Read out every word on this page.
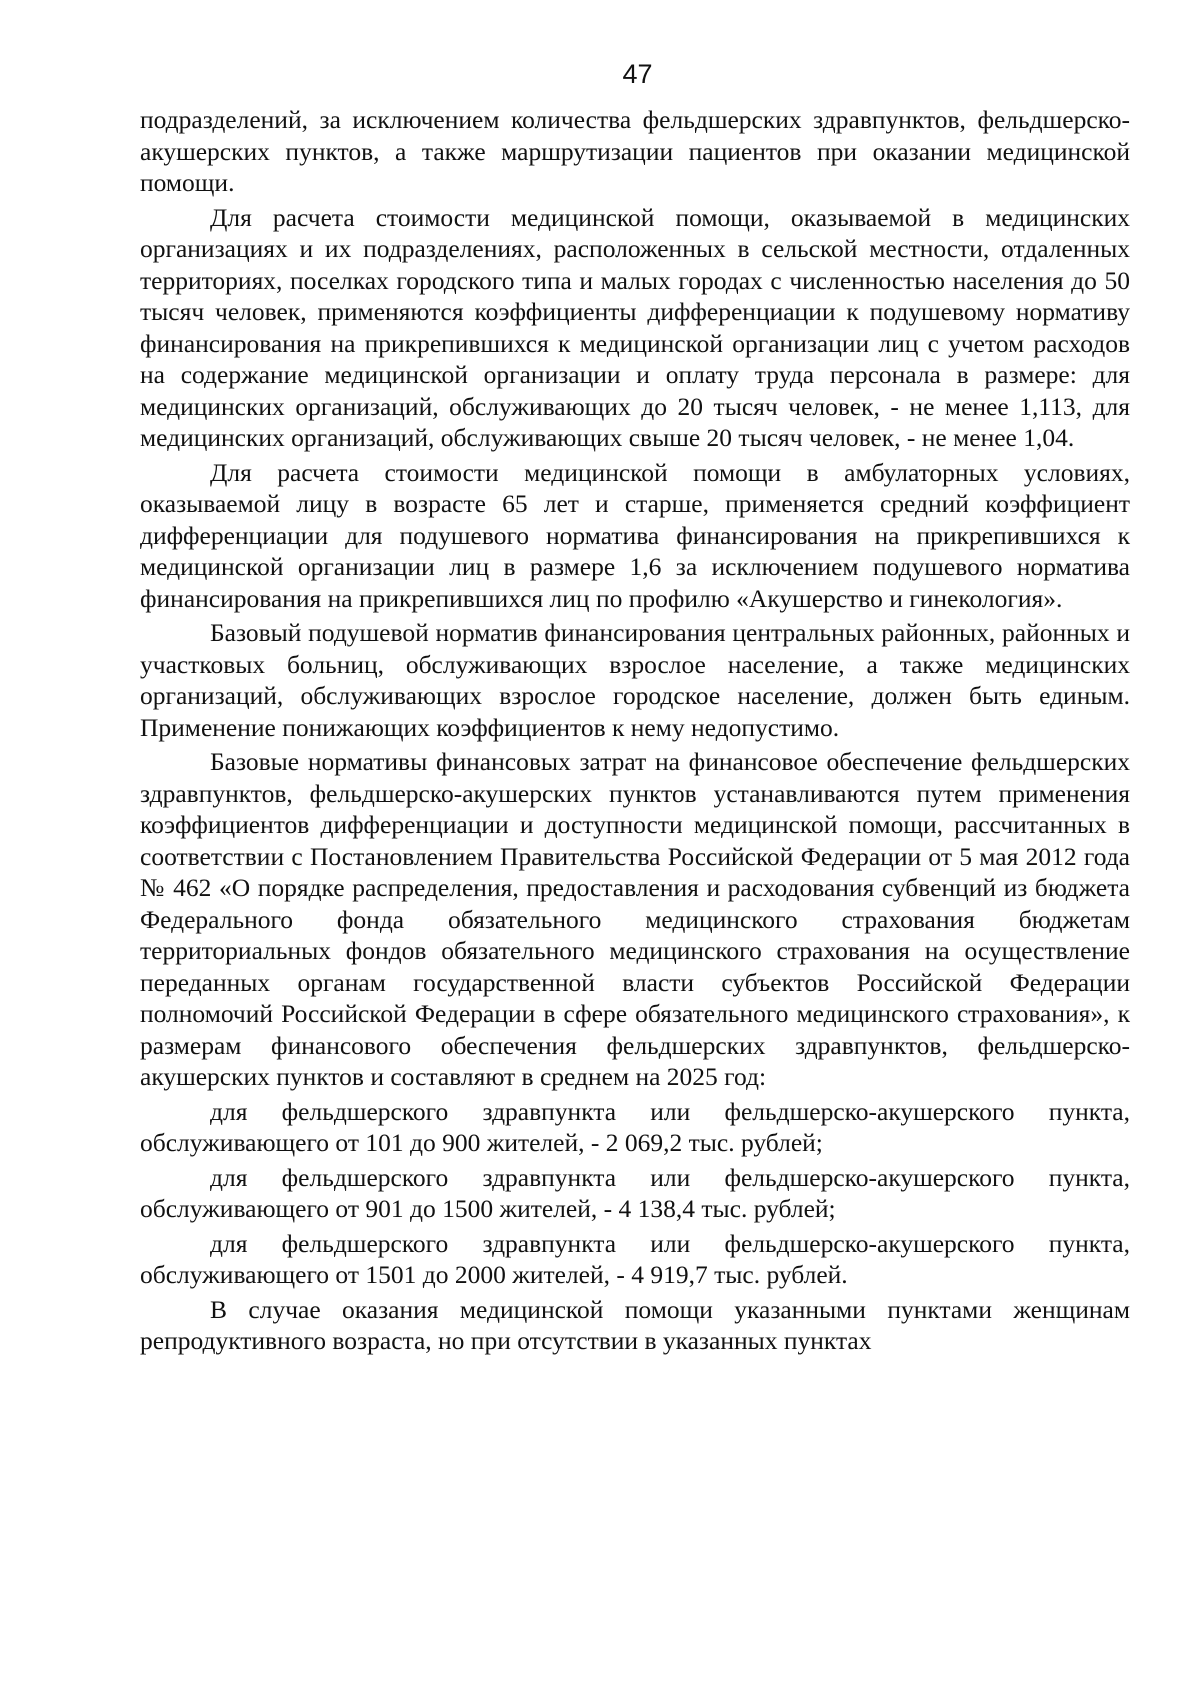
47

подразделений, за исключением количества фельдшерских здравпунктов, фельдшерско-акушерских пунктов, а также маршрутизации пациентов при оказании медицинской помощи.

Для расчета стоимости медицинской помощи, оказываемой в медицинских организациях и их подразделениях, расположенных в сельской местности, отдаленных территориях, поселках городского типа и малых городах с численностью населения до 50 тысяч человек, применяются коэффициенты дифференциации к подушевому нормативу финансирования на прикрепившихся к медицинской организации лиц с учетом расходов на содержание медицинской организации и оплату труда персонала в размере: для медицинских организаций, обслуживающих до 20 тысяч человек, - не менее 1,113, для медицинских организаций, обслуживающих свыше 20 тысяч человек, - не менее 1,04.

Для расчета стоимости медицинской помощи в амбулаторных условиях, оказываемой лицу в возрасте 65 лет и старше, применяется средний коэффициент дифференциации для подушевого норматива финансирования на прикрепившихся к медицинской организации лиц в размере 1,6 за исключением подушевого норматива финансирования на прикрепившихся лиц по профилю «Акушерство и гинекология».

Базовый подушевой норматив финансирования центральных районных, районных и участковых больниц, обслуживающих взрослое население, а также медицинских организаций, обслуживающих взрослое городское население, должен быть единым. Применение понижающих коэффициентов к нему недопустимо.

Базовые нормативы финансовых затрат на финансовое обеспечение фельдшерских здравпунктов, фельдшерско-акушерских пунктов устанавливаются путем применения коэффициентов дифференциации и доступности медицинской помощи, рассчитанных в соответствии с Постановлением Правительства Российской Федерации от 5 мая 2012 года № 462 «О порядке распределения, предоставления и расходования субвенций из бюджета Федерального фонда обязательного медицинского страхования бюджетам территориальных фондов обязательного медицинского страхования на осуществление переданных органам государственной власти субъектов Российской Федерации полномочий Российской Федерации в сфере обязательного медицинского страхования», к размерам финансового обеспечения фельдшерских здравпунктов, фельдшерско-акушерских пунктов и составляют в среднем на 2025 год:

для фельдшерского здравпункта или фельдшерско-акушерского пункта, обслуживающего от 101 до 900 жителей, - 2 069,2 тыс. рублей;

для фельдшерского здравпункта или фельдшерско-акушерского пункта, обслуживающего от 901 до 1500 жителей, - 4 138,4 тыс. рублей;

для фельдшерского здравпункта или фельдшерско-акушерского пункта, обслуживающего от 1501 до 2000 жителей, - 4 919,7 тыс. рублей.

В случае оказания медицинской помощи указанными пунктами женщинам репродуктивного возраста, но при отсутствии в указанных пунктах
